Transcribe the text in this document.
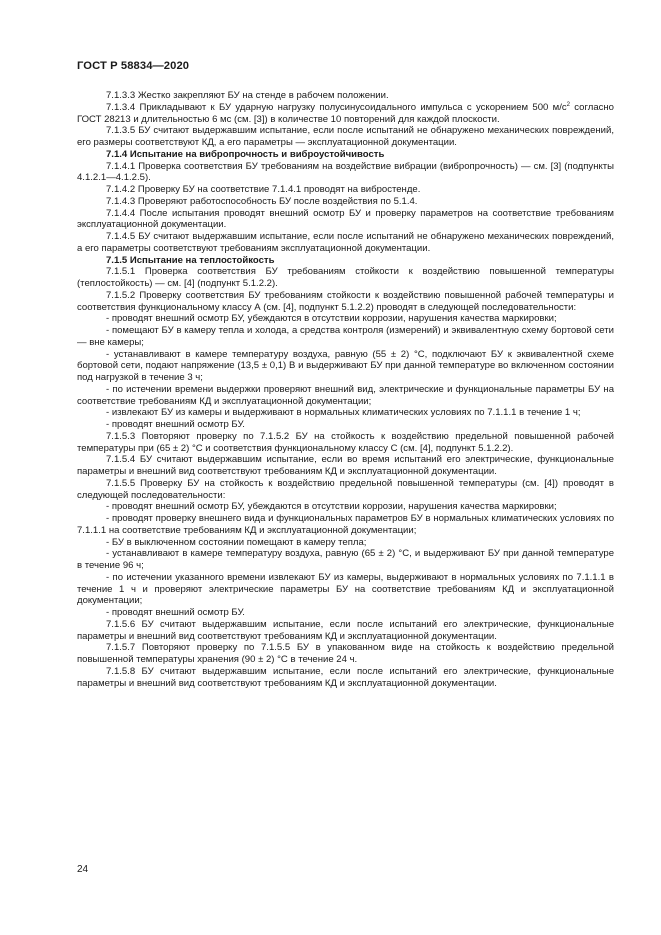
ГОСТ Р 58834—2020

7.1.3.3 Жестко закрепляют БУ на стенде в рабочем положении.

7.1.3.4 Прикладывают к БУ ударную нагрузку полусинусоидального импульса с ускорением 500 $м/с^2$ согласно ГОСТ 28213 и длительностью 6 мс (см. [3]) в количестве 10 повторений для каждой плоскости.

7.1.3.5 БУ считают выдержавшим испытание, если после испытаний не обнаружено механических повреждений, его размеры соответствуют КД, а его параметры — эксплуатационной документации.

7.1.4 Испытание на вибропрочность и виброустойчивость

7.1.4.1 Проверка соответствия БУ требованиям на воздействие вибрации (вибропрочность) — см. [3] (подпункты 4.1.2.1—4.1.2.5).

7.1.4.2 Проверку БУ на соответствие 7.1.4.1 проводят на вибростенде.

7.1.4.3 Проверяют работоспособность БУ после воздействия по 5.1.4.

7.1.4.4 После испытания проводят внешний осмотр БУ и проверку параметров на соответствие требованиям эксплуатационной документации.

7.1.4.5 БУ считают выдержавшим испытание, если после испытаний не обнаружено механических повреждений, а его параметры соответствуют требованиям эксплуатационной документации.

7.1.5 Испытание на теплостойкость

7.1.5.1 Проверка соответствия БУ требованиям стойкости к воздействию повышенной температуры (теплостойкость) — см. [4] (подпункт 5.1.2.2).

7.1.5.2 Проверку соответствия БУ требованиям стойкости к воздействию повышенной рабочей температуры и соответствия функциональному классу А (см. [4], подпункт 5.1.2.2) проводят в следующей последовательности:

- проводят внешний осмотр БУ, убеждаются в отсутствии коррозии, нарушения качества маркировки;

- помещают БУ в камеру тепла и холода, а средства контроля (измерений) и эквивалентную схему бортовой сети — вне камеры;

- устанавливают в камере температуру воздуха, равную (55 ± 2) °С, подключают БУ к эквивалентной схеме бортовой сети, подают напряжение (13,5 ± 0,1) В и выдерживают БУ при данной температуре во включенном состоянии под нагрузкой в течение 3 ч;

- по истечении времени выдержки проверяют внешний вид, электрические и функциональные параметры БУ на соответствие требованиям КД и эксплуатационной документации;

- извлекают БУ из камеры и выдерживают в нормальных климатических условиях по 7.1.1.1 в течение 1 ч;

- проводят внешний осмотр БУ.

7.1.5.3 Повторяют проверку по 7.1.5.2 БУ на стойкость к воздействию предельной повышенной рабочей температуры при (65 ± 2) °С и соответствия функциональному классу С (см. [4], подпункт 5.1.2.2).

7.1.5.4 БУ считают выдержавшим испытание, если во время испытаний его электрические, функциональные параметры и внешний вид соответствуют требованиям КД и эксплуатационной документации.

7.1.5.5 Проверку БУ на стойкость к воздействию предельной повышенной температуры (см. [4]) проводят в следующей последовательности:

- проводят внешний осмотр БУ, убеждаются в отсутствии коррозии, нарушения качества маркировки;

- проводят проверку внешнего вида и функциональных параметров БУ в нормальных климатических условиях по 7.1.1.1 на соответствие требованиям КД и эксплуатационной документации;

- БУ в выключенном состоянии помещают в камеру тепла;

- устанавливают в камере температуру воздуха, равную (65 ± 2) °С, и выдерживают БУ при данной температуре в течение 96 ч;

- по истечении указанного времени извлекают БУ из камеры, выдерживают в нормальных условиях по 7.1.1.1 в течение 1 ч и проверяют электрические параметры БУ на соответствие требованиям КД и эксплуатационной документации;

- проводят внешний осмотр БУ.

7.1.5.6 БУ считают выдержавшим испытание, если после испытаний его электрические, функциональные параметры и внешний вид соответствуют требованиям КД и эксплуатационной документации.

7.1.5.7 Повторяют проверку по 7.1.5.5 БУ в упакованном виде на стойкость к воздействию предельной повышенной температуры хранения (90 ± 2) °С в течение 24 ч.

7.1.5.8 БУ считают выдержавшим испытание, если после испытаний его электрические, функциональные параметры и внешний вид соответствуют требованиям КД и эксплуатационной документации.

24
